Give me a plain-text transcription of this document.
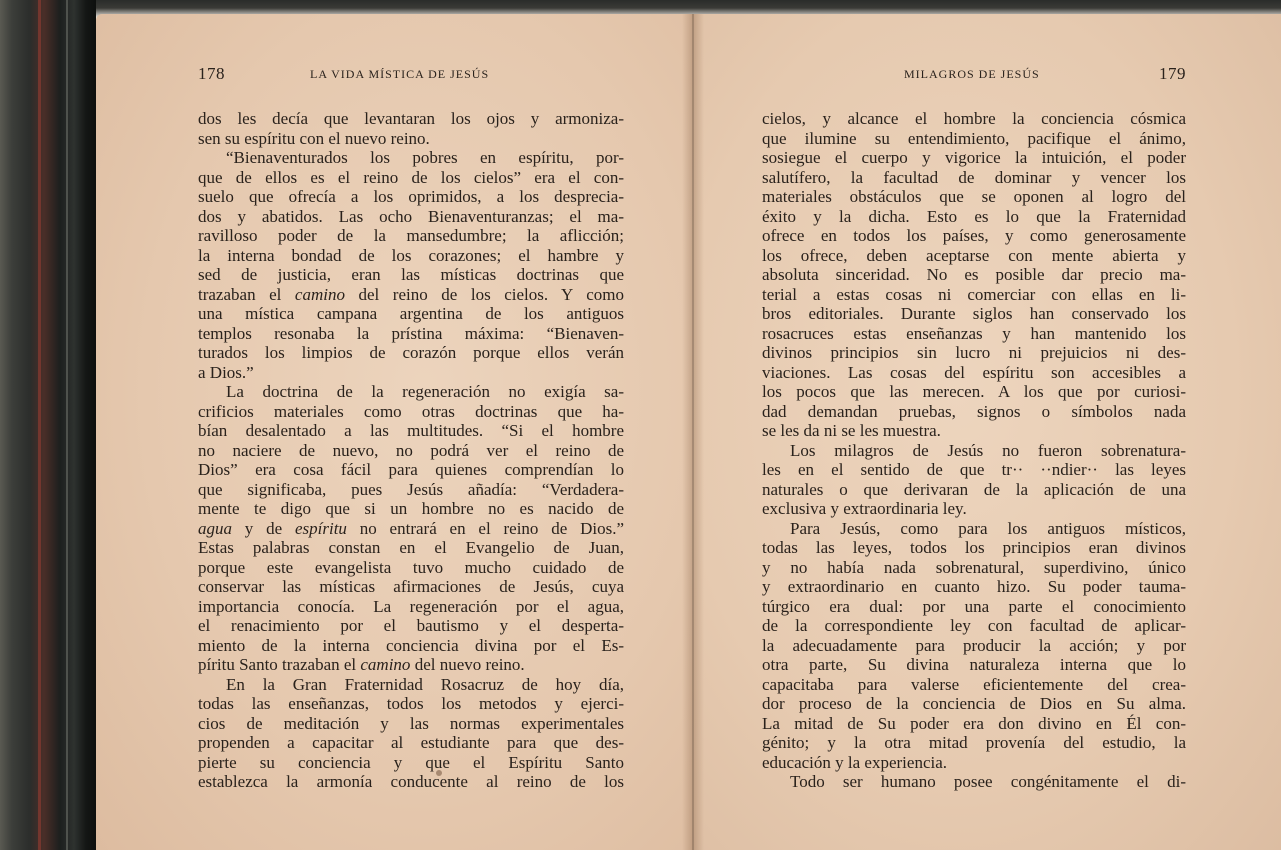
178	LA VIDA MÍSTICA DE JESÚS	MILAGROS DE JESÚS	179
dos les decía que levantaran los ojos y armoniza-
sen su espíritu con el nuevo reino.
“Bienaventurados los pobres en espíritu, por-
que de ellos es el reino de los cielos” era el con-
suelo que ofrecía a los oprimidos, a los desprecia-
dos y abatidos. Las ocho Bienaventuranzas; el ma-
ravilloso poder de la mansedumbre; la aflicción;
la interna bondad de los corazones; el hambre y
sed de justicia, eran las místicas doctrinas que
trazaban el camino del reino de los cielos. Y como
una mística campana argentina de los antiguos
templos resonaba la prístina máxima: “Bienaven-
turados los limpios de corazón porque ellos verán
a Dios.”
La doctrina de la regeneración no exigía sa-
crificios materiales como otras doctrinas que ha-
bían desalentado a las multitudes. “Si el hombre
no naciere de nuevo, no podrá ver el reino de
Dios” era cosa fácil para quienes comprendían lo
que significaba, pues Jesús añadía: “Verdadera-
mente te digo que si un hombre no es nacido de
agua y de espíritu no entrará en el reino de Dios.”
Estas palabras constan en el Evangelio de Juan,
porque este evangelista tuvo mucho cuidado de
conservar las místicas afirmaciones de Jesús, cuya
importancia conocía. La regeneración por el agua,
el renacimiento por el bautismo y el desperta-
miento de la interna conciencia divina por el Es-
píritu Santo trazaban el camino del nuevo reino.
En la Gran Fraternidad Rosacruz de hoy día,
todas las enseñanzas, todos los metodos y ejerci-
cios de meditación y las normas experimentales
propenden a capacitar al estudiante para que des-
pierte su conciencia y que el Espíritu Santo
establezca la armonía conducente al reino de los
cielos, y alcance el hombre la conciencia cósmica
que ilumine su entendimiento, pacifique el ánimo,
sosiegue el cuerpo y vigorice la intuición, el poder
salutífero, la facultad de dominar y vencer los
materiales obstáculos que se oponen al logro del
éxito y la dicha. Esto es lo que la Fraternidad
ofrece en todos los países, y como generosamente
los ofrece, deben aceptarse con mente abierta y
absoluta sinceridad. No es posible dar precio ma-
terial a estas cosas ni comerciar con ellas en li-
bros editoriales. Durante siglos han conservado los
rosacruces estas enseñanzas y han mantenido los
divinos principios sin lucro ni prejuicios ni des-
viaciones. Las cosas del espíritu son accesibles a
los pocos que las merecen. A los que por curiosi-
dad demandan pruebas, signos o símbolos nada
se les da ni se les muestra.
Los milagros de Jesús no fueron sobrenatura-
les en el sentido de que tr·· ··ndier·· las leyes
naturales o que derivaran de la aplicación de una
exclusiva y extraordinaria ley.
Para Jesús, como para los antiguos místicos,
todas las leyes, todos los principios eran divinos
y no había nada sobrenatural, superdivino, único
y extraordinario en cuanto hizo. Su poder tauma-
túrgico era dual: por una parte el conocimiento
de la correspondiente ley con facultad de aplicar-
la adecuadamente para producir la acción; y por
otra parte, Su divina naturaleza interna que lo
capacitaba para valerse eficientemente del crea-
dor proceso de la conciencia de Dios en Su alma.
La mitad de Su poder era don divino en Él con-
génito; y la otra mitad provenía del estudio, la
educación y la experiencia.
Todo ser humano posee congénitamente el di-
